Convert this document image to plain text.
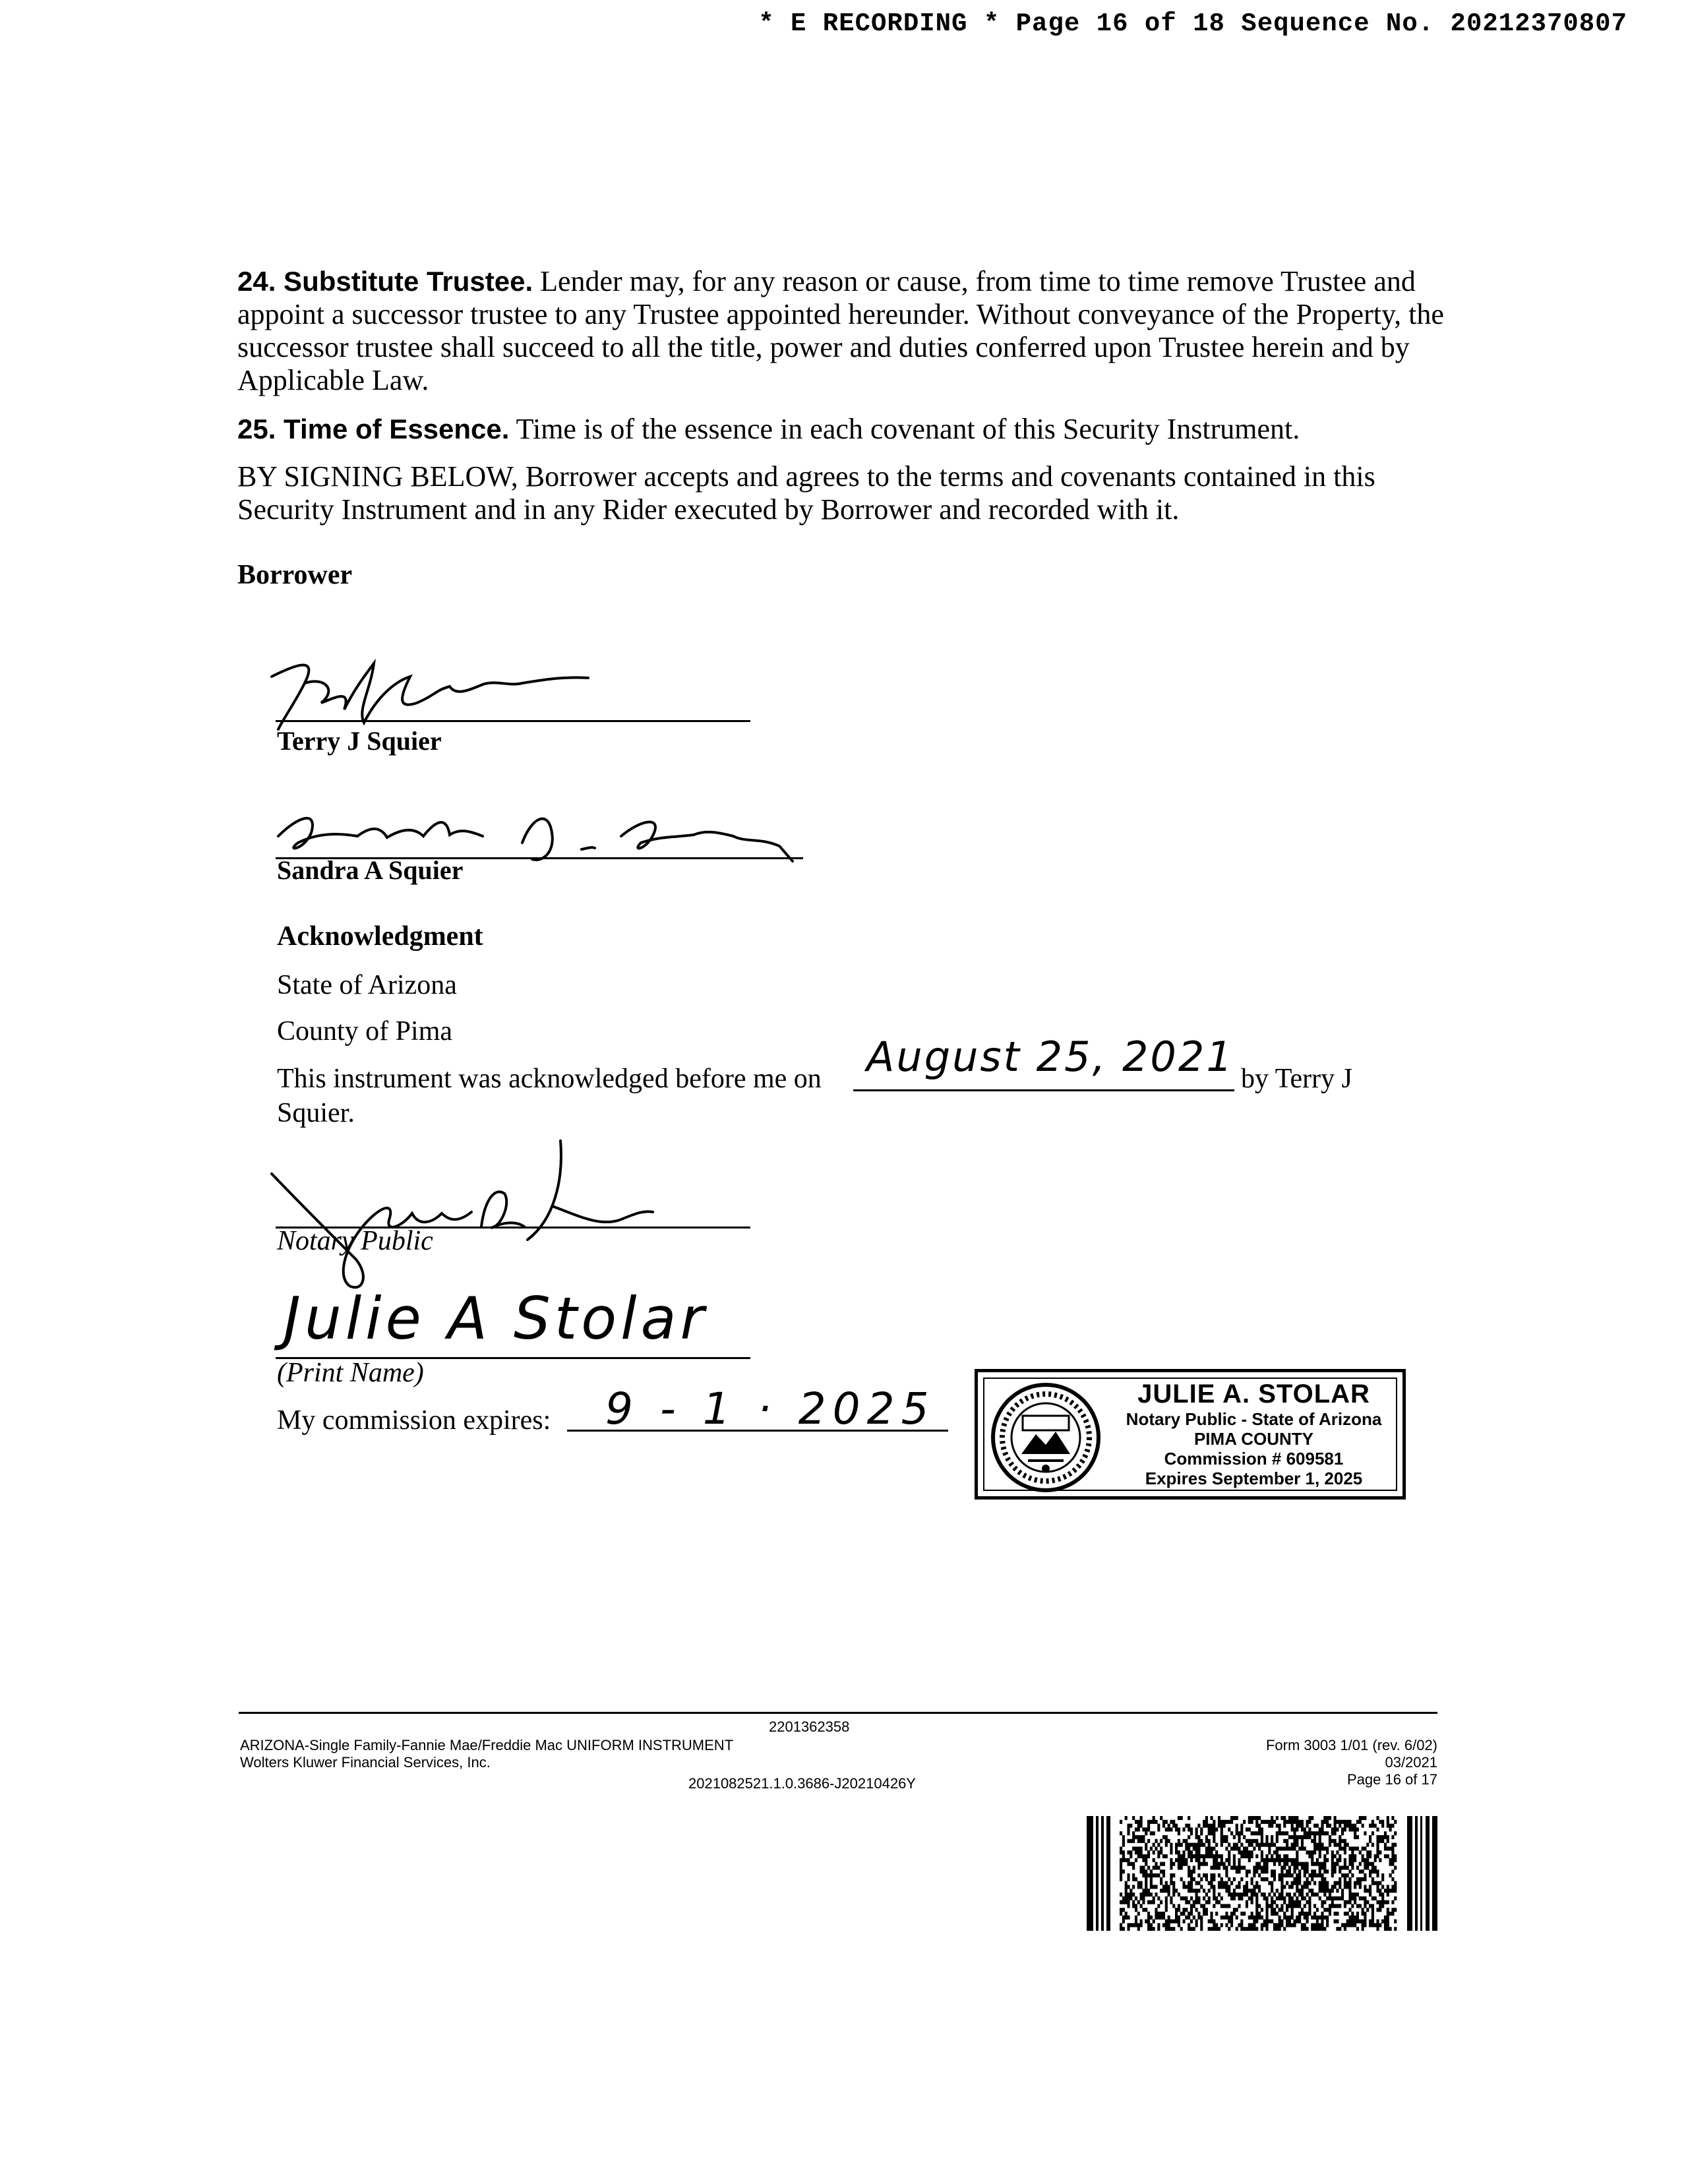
* E RECORDING * Page 16 of 18 Sequence No. 20212370807
24. Substitute Trustee. Lender may, for any reason or cause, from time to time remove Trustee and appoint a successor trustee to any Trustee appointed hereunder. Without conveyance of the Property, the successor trustee shall succeed to all the title, power and duties conferred upon Trustee herein and by Applicable Law.
25. Time of Essence. Time is of the essence in each covenant of this Security Instrument.
BY SIGNING BELOW, Borrower accepts and agrees to the terms and covenants contained in this Security Instrument and in any Rider executed by Borrower and recorded with it.
Borrower
Terry J Squier
Sandra A Squier
Acknowledgment
State of Arizona
County of Pima
This instrument was acknowledged before me on August 25, 2021 by Terry J
Squier.
Notary Public
Julie A Stolar
(Print Name)
My commission expires: 9 - 1 · 2025	JULIE A. STOLAR
Notary Public - State of Arizona
PIMA COUNTY
Commission # 609581
Expires September 1, 2025
2201362358
ARIZONA-Single Family-Fannie Mae/Freddie Mac UNIFORM INSTRUMENT
Wolters Kluwer Financial Services, Inc.
2021082521.1.0.3686-J20210426Y
Form 3003 1/01 (rev. 6/02)
03/2021
Page 16 of 17
